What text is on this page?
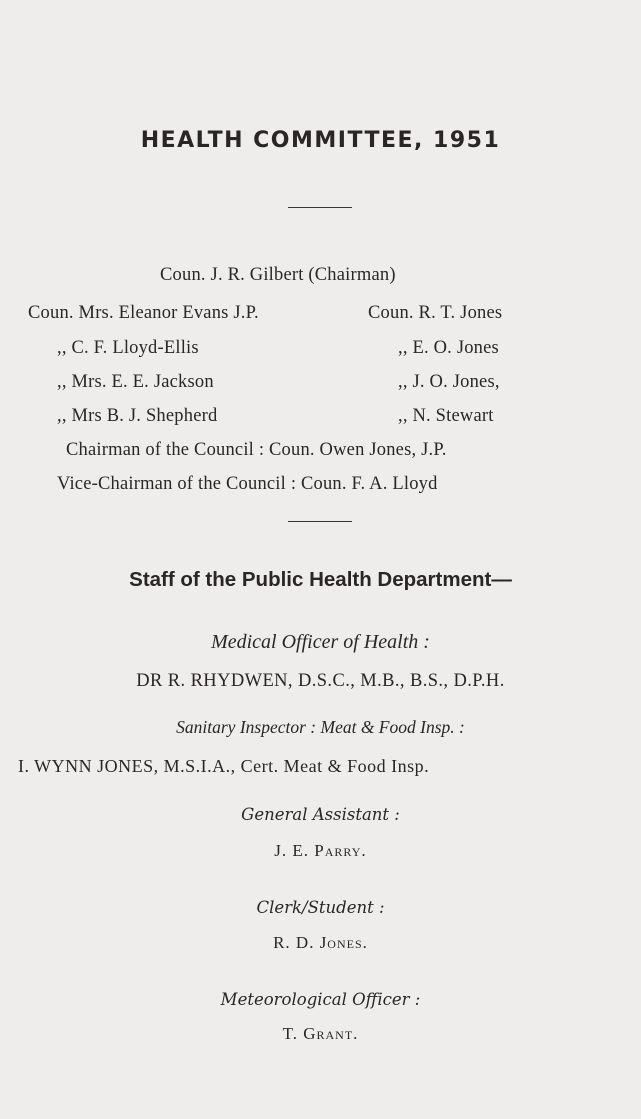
HEALTH COMMITTEE, 1951
Coun. J. R. Gilbert (Chairman)
Coun. Mrs. Eleanor Evans J.P.	Coun. R. T. Jones
,, C. F. Lloyd-Ellis	,, E. O. Jones
,, Mrs. E. E. Jackson	,, J. O. Jones,
,, Mrs B. J. Shepherd	,, N. Stewart
Chairman of the Council : Coun. Owen Jones, J.P.
Vice-Chairman of the Council : Coun. F. A. Lloyd
Staff of the Public Health Department—
Medical Officer of Health :
DR R. RHYDWEN, D.S.C., M.B., B.S., D.P.H.
Sanitary Inspector : Meat & Food Insp. :
I. WYNN JONES, M.S.I.A., Cert. Meat & Food Insp.
General Assistant :
J. E. Parry.
Clerk/Student :
R. D. Jones.
Meteorological Officer :
T. Grant.
